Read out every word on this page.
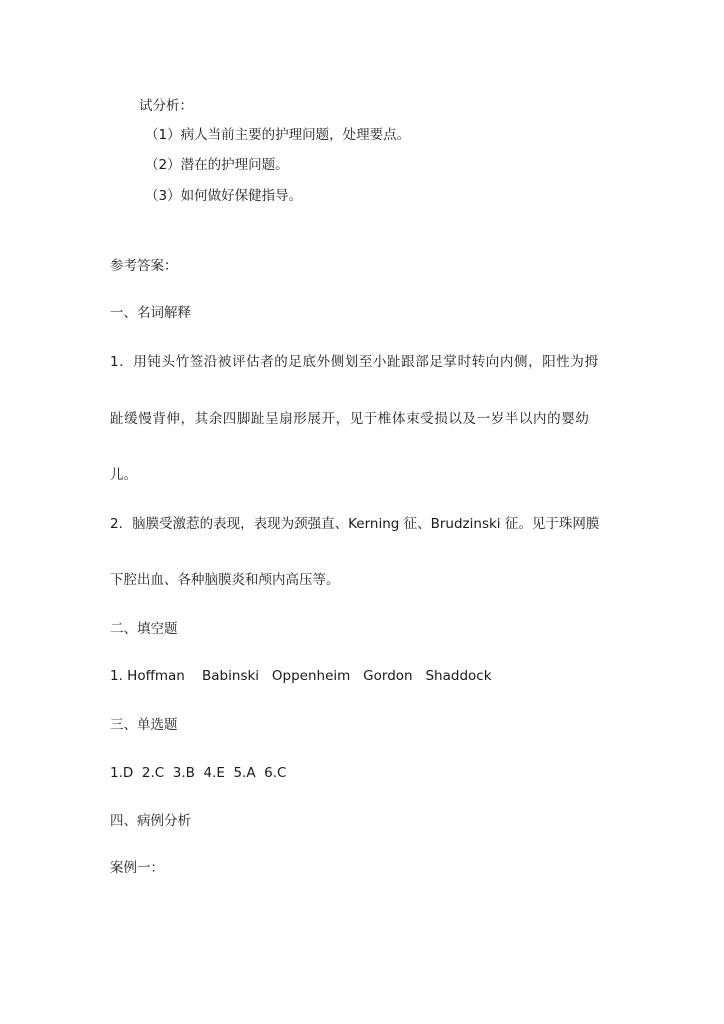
试分析：
（1）病人当前主要的护理问题，处理要点。
（2）潜在的护理问题。
（3）如何做好保健指导。
参考答案：
一、名词解释
1．用钝头竹签沿被评估者的足底外侧划至小趾跟部足掌时转向内侧，阳性为拇
趾缓慢背伸，其余四脚趾呈扇形展开，见于椎体束受损以及一岁半以内的婴幼
儿。
2．脑膜受激惹的表现，表现为颈强直、Kerning 征、Brudzinski 征。见于珠网膜
下腔出血、各种脑膜炎和颅内高压等。
二、填空题
1. Hoffman    Babinski   Oppenheim   Gordon   Shaddock
三、单选题
1.D  2.C  3.B  4.E  5.A  6.C
四、病例分析
案例一：
